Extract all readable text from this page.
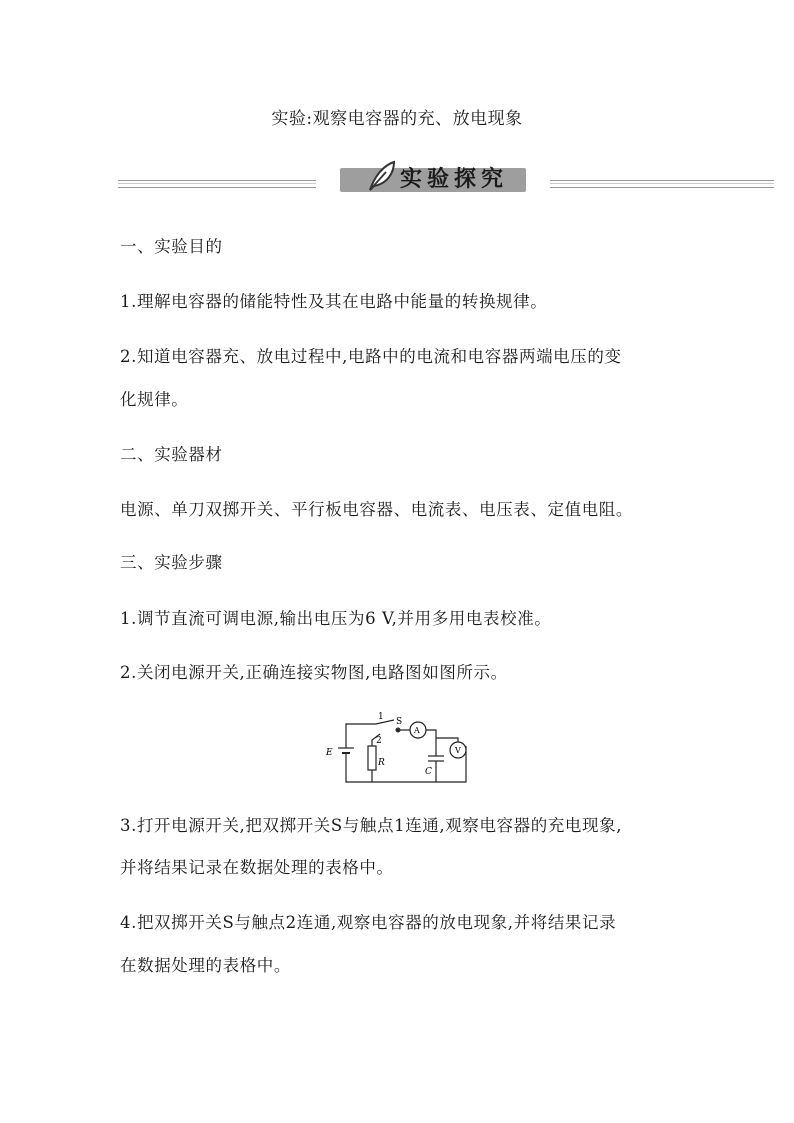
实验:观察电容器的充、放电现象
实验探究

一、实验目的

1.理解电容器的储能特性及其在电路中能量的转换规律。

2.知道电容器充、放电过程中,电路中的电流和电容器两端电压的变

化规律。

二、实验器材

电源、单刀双掷开关、平行板电容器、电流表、电压表、定值电阻。

三、实验步骤

1.调节直流可调电源,输出电压为6 V,并用多用电表校准。

2.关闭电源开关,正确连接实物图,电路图如图所示。

1 S
A
V
2
E
R
C

3.打开电源开关,把双掷开关S与触点1连通,观察电容器的充电现象,

并将结果记录在数据处理的表格中。

4.把双掷开关S与触点2连通,观察电容器的放电现象,并将结果记录

在数据处理的表格中。
